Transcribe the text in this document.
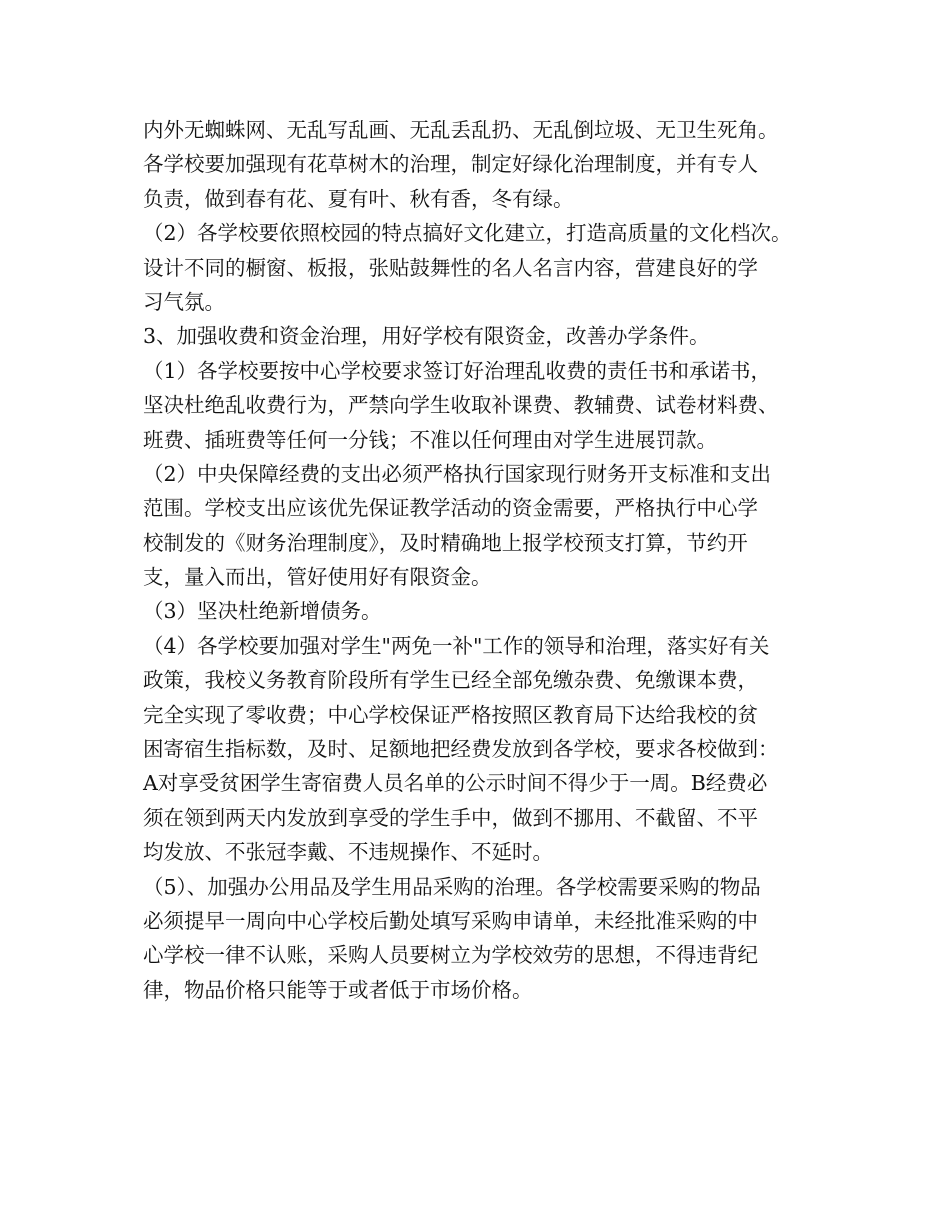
内外无蜘蛛网、无乱写乱画、无乱丢乱扔、无乱倒垃圾、无卫生死角。
各学校要加强现有花草树木的治理，制定好绿化治理制度，并有专人
负责，做到春有花、夏有叶、秋有香，冬有绿。
（2）各学校要依照校园的特点搞好文化建立，打造高质量的文化档次。
设计不同的橱窗、板报，张贴鼓舞性的名人名言内容，营建良好的学
习气氛。
3、加强收费和资金治理，用好学校有限资金，改善办学条件。
（1）各学校要按中心学校要求签订好治理乱收费的责任书和承诺书，
坚决杜绝乱收费行为，严禁向学生收取补课费、教辅费、试卷材料费、
班费、插班费等任何一分钱；不准以任何理由对学生进展罚款。
（2）中央保障经费的支出必须严格执行国家现行财务开支标准和支出
范围。学校支出应该优先保证教学活动的资金需要，严格执行中心学
校制发的《财务治理制度》，及时精确地上报学校预支打算，节约开
支，量入而出，管好使用好有限资金。
（3）坚决杜绝新增债务。
（4）各学校要加强对学生"两免一补"工作的领导和治理，落实好有关
政策，我校义务教育阶段所有学生已经全部免缴杂费、免缴课本费，
完全实现了零收费；中心学校保证严格按照区教育局下达给我校的贫
困寄宿生指标数，及时、足额地把经费发放到各学校，要求各校做到：
A对享受贫困学生寄宿费人员名单的公示时间不得少于一周。B经费必
须在领到两天内发放到享受的学生手中，做到不挪用、不截留、不平
均发放、不张冠李戴、不违规操作、不延时。
（5）、加强办公用品及学生用品采购的治理。各学校需要采购的物品
必须提早一周向中心学校后勤处填写采购申请单，未经批准采购的中
心学校一律不认账，采购人员要树立为学校效劳的思想，不得违背纪
律，物品价格只能等于或者低于市场价格。
